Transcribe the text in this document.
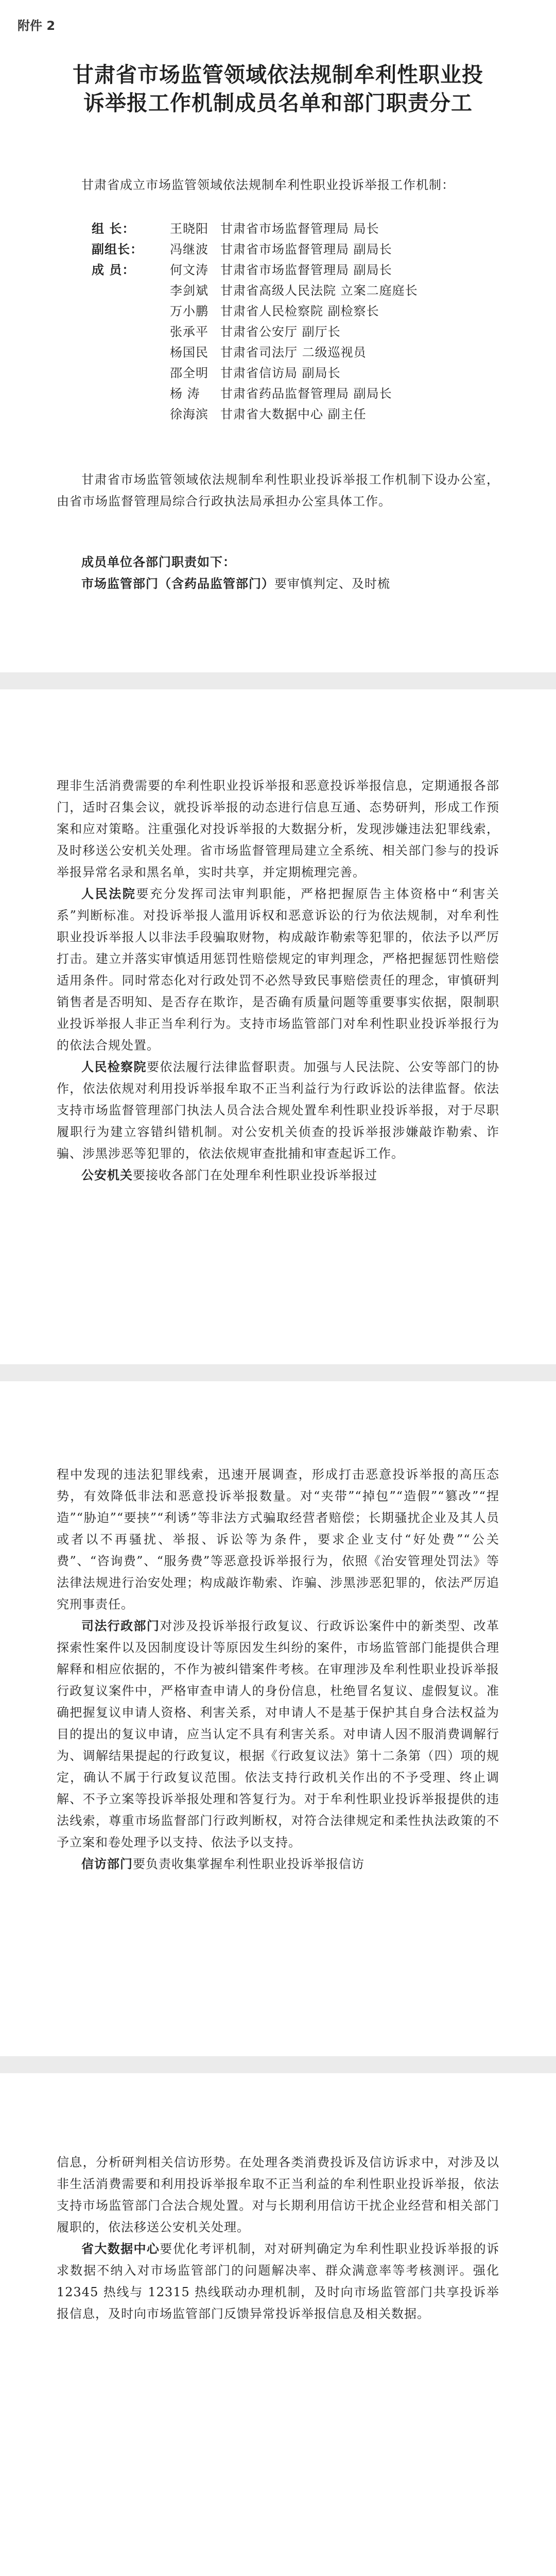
附件 2
甘肃省市场监管领域依法规制牟利性职业投诉举报工作机制成员名单和部门职责分工

甘肃省成立市场监管领域依法规制牟利性职业投诉举报工作机制：

组 长：	王晓阳 甘肃省市场监督管理局 局长
副组长： 冯继波 甘肃省市场监督管理局 副局长
成 员：	何文涛 甘肃省市场监督管理局 副局长
李剑斌 甘肃省高级人民法院 立案二庭庭长
万小鹏 甘肃省人民检察院 副检察长
张承平 甘肃省公安厅 副厅长
杨国民 甘肃省司法厅 二级巡视员
邵全明 甘肃省信访局 副局长
杨 涛 甘肃省药品监督管理局 副局长
徐海滨 甘肃省大数据中心 副主任

甘肃省市场监管领域依法规制牟利性职业投诉举报工作机制下设办公室，由省市场监督管理局综合行政执法局承担办公室具体工作。

成员单位各部门职责如下：

市场监管部门（含药品监管部门）要审慎判定、及时梳

理非生活消费需要的牟利性职业投诉举报和恶意投诉举报信息，定期通报各部门，适时召集会议，就投诉举报的动态进行信息互通、态势研判，形成工作预案和应对策略。注重强化对投诉举报的大数据分析，发现涉嫌违法犯罪线索，及时移送公安机关处理。省市场监督管理局建立全系统、相关部门参与的投诉举报异常名录和黑名单，实时共享，并定期梳理完善。

人民法院要充分发挥司法审判职能，严格把握原告主体资格中“利害关系”判断标准。对投诉举报人滥用诉权和恶意诉讼的行为依法规制，对牟利性职业投诉举报人以非法手段骗取财物，构成敲诈勒索等犯罪的，依法予以严厉打击。建立并落实审慎适用惩罚性赔偿规定的审判理念，严格把握惩罚性赔偿适用条件。同时常态化对行政处罚不必然导致民事赔偿责任的理念，审慎研判销售者是否明知、是否存在欺诈，是否确有质量问题等重要事实依据，限制职业投诉举报人非正当牟利行为。支持市场监管部门对牟利性职业投诉举报行为的依法合规处置。

人民检察院要依法履行法律监督职责。加强与人民法院、公安等部门的协作，依法依规对利用投诉举报牟取不正当利益行为行政诉讼的法律监督。依法支持市场监督管理部门执法人员合法合规处置牟利性职业投诉举报，对于尽职履职行为建立容错纠错机制。对公安机关侦查的投诉举报涉嫌敲诈勒索、诈骗、涉黑涉恶等犯罪的，依法依规审查批捕和审查起诉工作。

公安机关要接收各部门在处理牟利性职业投诉举报过

程中发现的违法犯罪线索，迅速开展调查，形成打击恶意投诉举报的高压态势，有效降低非法和恶意投诉举报数量。对“夹带”“掉包”“造假”“篡改”“捏造”“胁迫”“要挟”“利诱”等非法方式骗取经营者赔偿；长期骚扰企业及其人员或者以不再骚扰、举报、诉讼等为条件，要求企业支付“好处费”“公关费”、“咨询费”、“服务费”等恶意投诉举报行为，依照《治安管理处罚法》等法律法规进行治安处理；构成敲诈勒索、诈骗、涉黑涉恶犯罪的，依法严厉追究刑事责任。

司法行政部门对涉及投诉举报行政复议、行政诉讼案件中的新类型、改革探索性案件以及因制度设计等原因发生纠纷的案件，市场监管部门能提供合理解释和相应依据的，不作为被纠错案件考核。在审理涉及牟利性职业投诉举报行政复议案件中，严格审查申请人的身份信息，杜绝冒名复议、虚假复议。准确把握复议申请人资格、利害关系，对申请人不是基于保护其自身合法权益为目的提出的复议申请，应当认定不具有利害关系。对申请人因不服消费调解行为、调解结果提起的行政复议，根据《行政复议法》第十二条第（四）项的规定，确认不属于行政复议范围。依法支持行政机关作出的不予受理、终止调解、不予立案等投诉举报处理和答复行为。对于牟利性职业投诉举报提供的违法线索，尊重市场监督部门行政判断权，对符合法律规定和柔性执法政策的不予立案和卷处理予以支持、依法予以支持。

信访部门要负责收集掌握牟利性职业投诉举报信访

信息，分析研判相关信访形势。在处理各类消费投诉及信访诉求中，对涉及以非生活消费需要和利用投诉举报牟取不正当利益的牟利性职业投诉举报，依法支持市场监管部门合法合规处置。对与长期利用信访干扰企业经营和相关部门履职的，依法移送公安机关处理。

省大数据中心要优化考评机制，对对研判确定为牟利性职业投诉举报的诉求数据不纳入对市场监管部门的问题解决率、群众满意率等考核测评。强化 12345 热线与 12315 热线联动办理机制，及时向市场监管部门共享投诉举报信息，及时向市场监管部门反馈异常投诉举报信息及相关数据。
